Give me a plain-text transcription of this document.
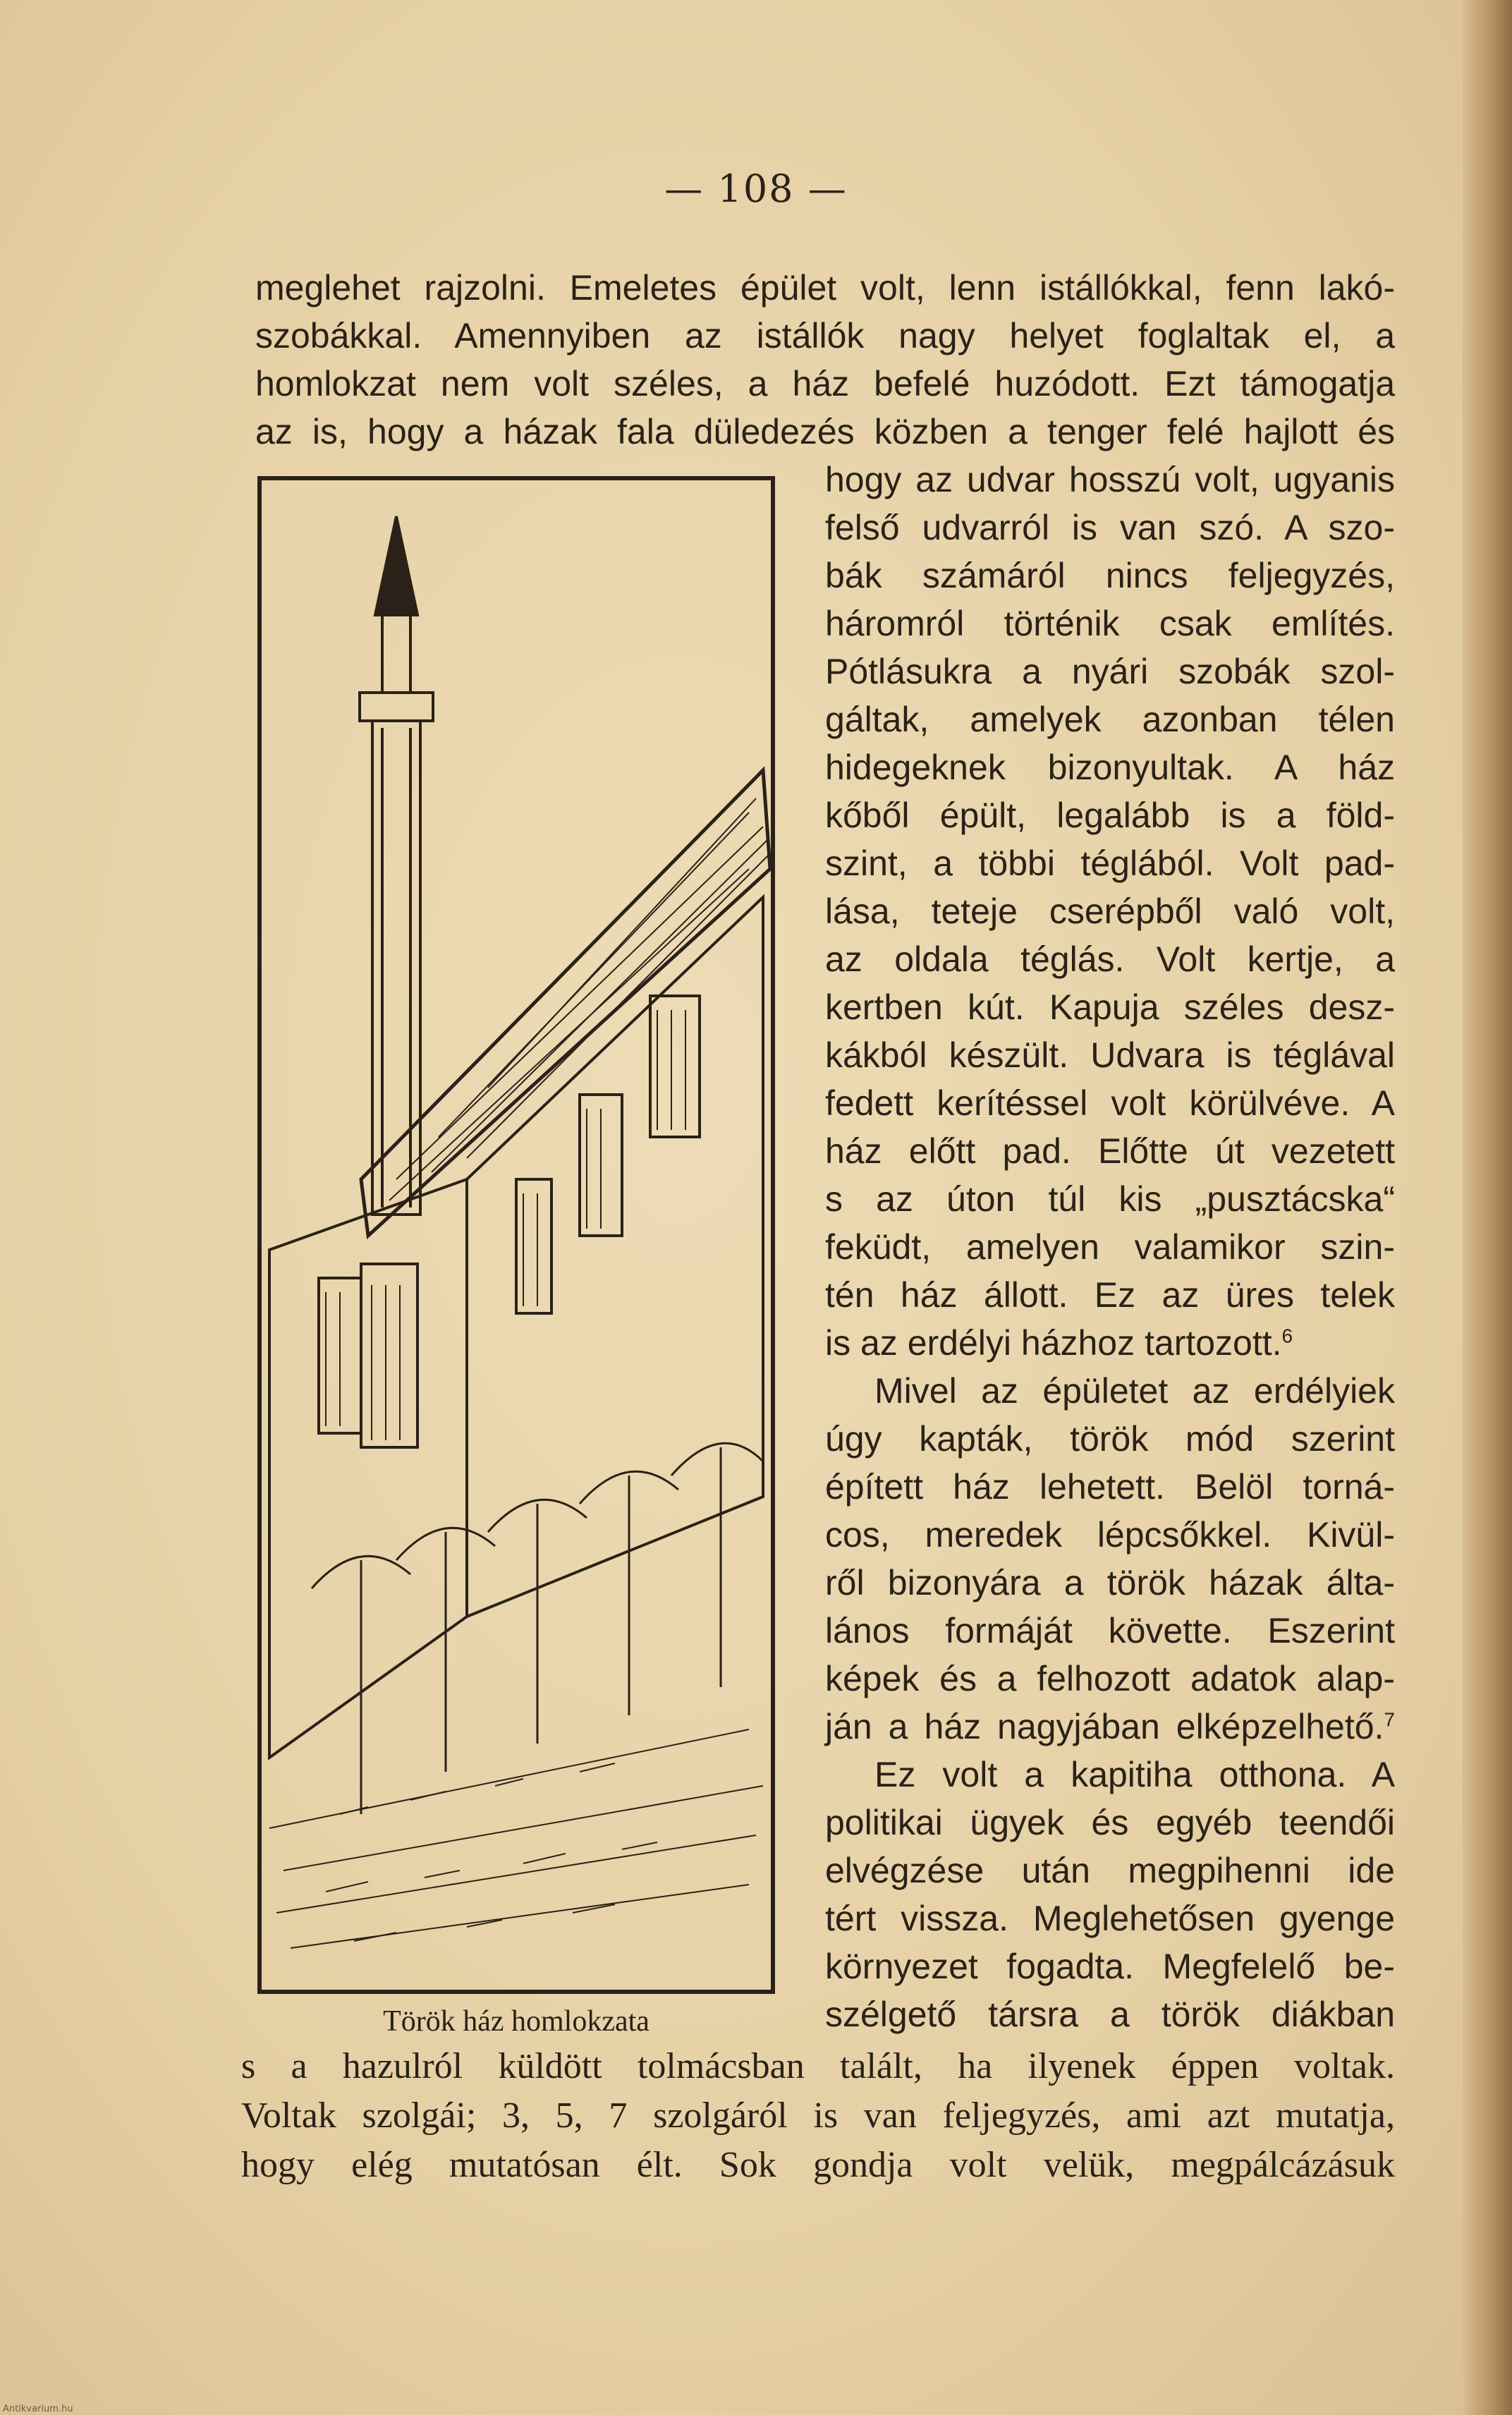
— 108 —
meglehet rajzolni. Emeletes épület volt, lenn istállókkal, fenn lakó-
szobákkal. Amennyiben az istállók nagy helyet foglaltak el, a
homlokzat nem volt széles, a ház befelé huzódott. Ezt támogatja
az is, hogy a házak fala düledezés közben a tenger felé hajlott és
hogy az udvar hosszú volt, ugyanis
felső udvarról is van szó. A szo-
bák számáról nincs feljegyzés,
háromról történik csak említés.
Pótlásukra a nyári szobák szol-
gáltak, amelyek azonban télen
hidegeknek bizonyultak. A ház
kőből épült, legalább is a föld-
szint, a többi téglából. Volt pad-
lása, teteje cserépből való volt,
az oldala téglás. Volt kertje, a
kertben kút. Kapuja széles desz-
kákból készült. Udvara is téglával
fedett kerítéssel volt körülvéve. A
ház előtt pad. Előtte út vezetett
s az úton túl kis „pusztácska“
feküdt, amelyen valamikor szin-
tén ház állott. Ez az üres telek
is az erdélyi házhoz tartozott.$^6$
Mivel az épületet az erdélyiek
úgy kapták, török mód szerint
épített ház lehetett. Belöl torná-
cos, meredek lépcsőkkel. Kivül-
ről bizonyára a török házak álta-
lános formáját követte. Eszerint
képek és a felhozott adatok alap-
ján a ház nagyjában elképzelhető.$^7$
Ez volt a kapitiha otthona. A
politikai ügyek és egyéb teendői
elvégzése után megpihenni ide
tért vissza. Meglehetősen gyenge
környezet fogadta. Megfelelő be-
szélgető társra a török diákban
s a hazulról küldött tolmácsban talált, ha ilyenek éppen voltak.
Voltak szolgái; 3, 5, 7 szolgáról is van feljegyzés, ami azt mutatja,
hogy elég mutatósan élt. Sok gondja volt velük, megpálcázásuk
Török ház homlokzata
Antikvarium.hu
